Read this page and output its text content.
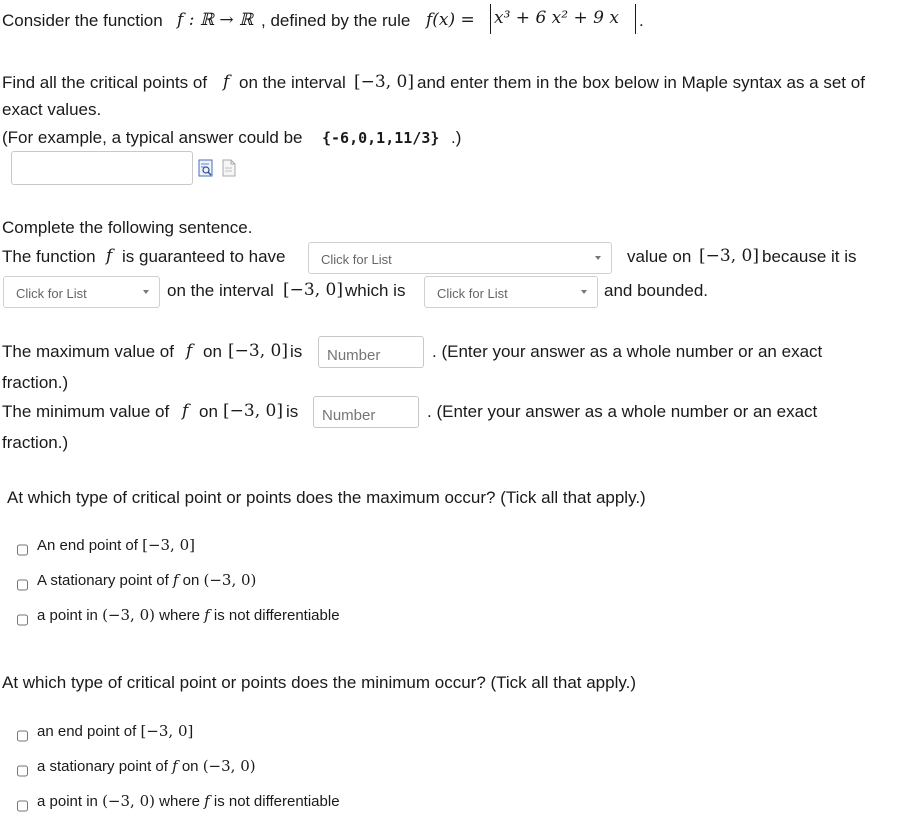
Consider the function f : ℝ → ℝ , defined by the rule f(x) = x³ + 6 x² + 9 x .
Find all the critical points of f on the interval [−3, 0] and enter them in the box below in Maple syntax as a set of
exact values.
(For example, a typical answer could be {-6,0,1,11/3} .)
Complete the following sentence.
The function f is guaranteed to have	Click for List	value on [−3, 0] because it is
Click for List	on the interval [−3, 0] which is	Click for List	and bounded.
The maximum value of f on [−3, 0] is
Number	. (Enter your answer as a whole number or an exact
fraction.)
The minimum value of f on [−3, 0] is
Number	. (Enter your answer as a whole number or an exact
fraction.)
At which type of critical point or points does the maximum occur? (Tick all that apply.)
An end point of [−3, 0]
A stationary point of f on (−3, 0)
a point in (−3, 0) where f is not differentiable
At which type of critical point or points does the minimum occur? (Tick all that apply.)
an end point of [−3, 0]
a stationary point of f on (−3, 0)
a point in (−3, 0) where f is not differentiable
